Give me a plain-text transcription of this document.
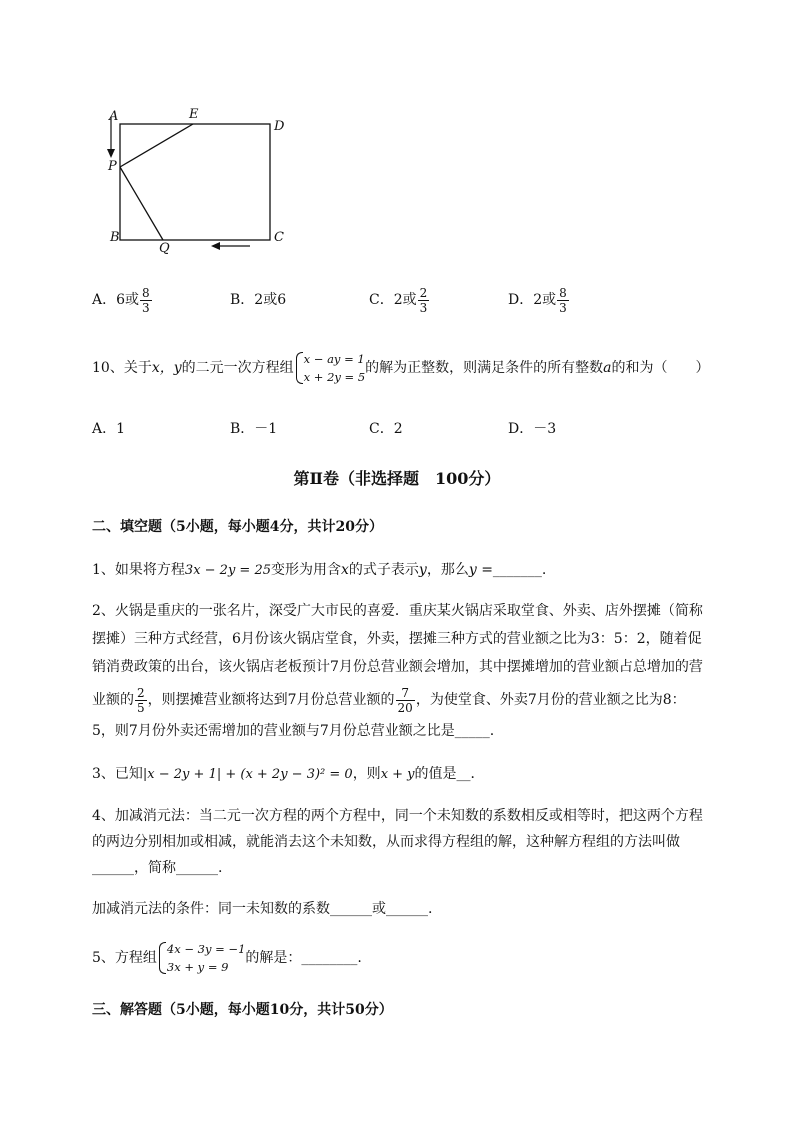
A	E
D
P
B
Q
C
A．6或 $\frac{8}{3}$	B．2或6	C．2或 $\frac{2}{3}$	D．2或 $\frac{8}{3}$
10、关于x，y的二元一次方程组
x − ay = 1
x + 2y = 5
的解为正整数，则满足条件的所有整数a的和为（　　）
A．1	B．－1	C．2	D．－3
第Ⅱ卷（非选择题　100分）
二、填空题（5小题，每小题4分，共计20分）
1、如果将方程3x − 2y = 25变形为用含x的式子表示y，那么y =_______.
2、火锅是重庆的一张名片，深受广大市民的喜爱．重庆某火锅店采取堂食、外卖、店外摆摊（简称
摆摊）三种方式经营，6月份该火锅店堂食，外卖，摆摊三种方式的营业额之比为3：5：2，随着促
销消费政策的出台，该火锅店老板预计7月份总营业额会增加，其中摆摊增加的营业额占总增加的营
业额的 $\frac{2}{5}$ ，则摆摊营业额将达到7月份总营业额的 $\frac{7}{20}$ ，为使堂食、外卖7月份的营业额之比为8：
5，则7月份外卖还需增加的营业额与7月份总营业额之比是_____.
3、已知|x − 2y + 1| + (x + 2y − 3)² = 0，则x + y的值是__．
4、加减消元法：当二元一次方程的两个方程中，同一个未知数的系数相反或相等时，把这两个方程
的两边分别相加或相减，就能消去这个未知数，从而求得方程组的解，这种解方程组的方法叫做
______，简称______.
加减消元法的条件：同一未知数的系数______或______.
5、方程组
4x − 3y = −1
3x + y = 9
的解是：________.
三、解答题（5小题，每小题10分，共计50分）
